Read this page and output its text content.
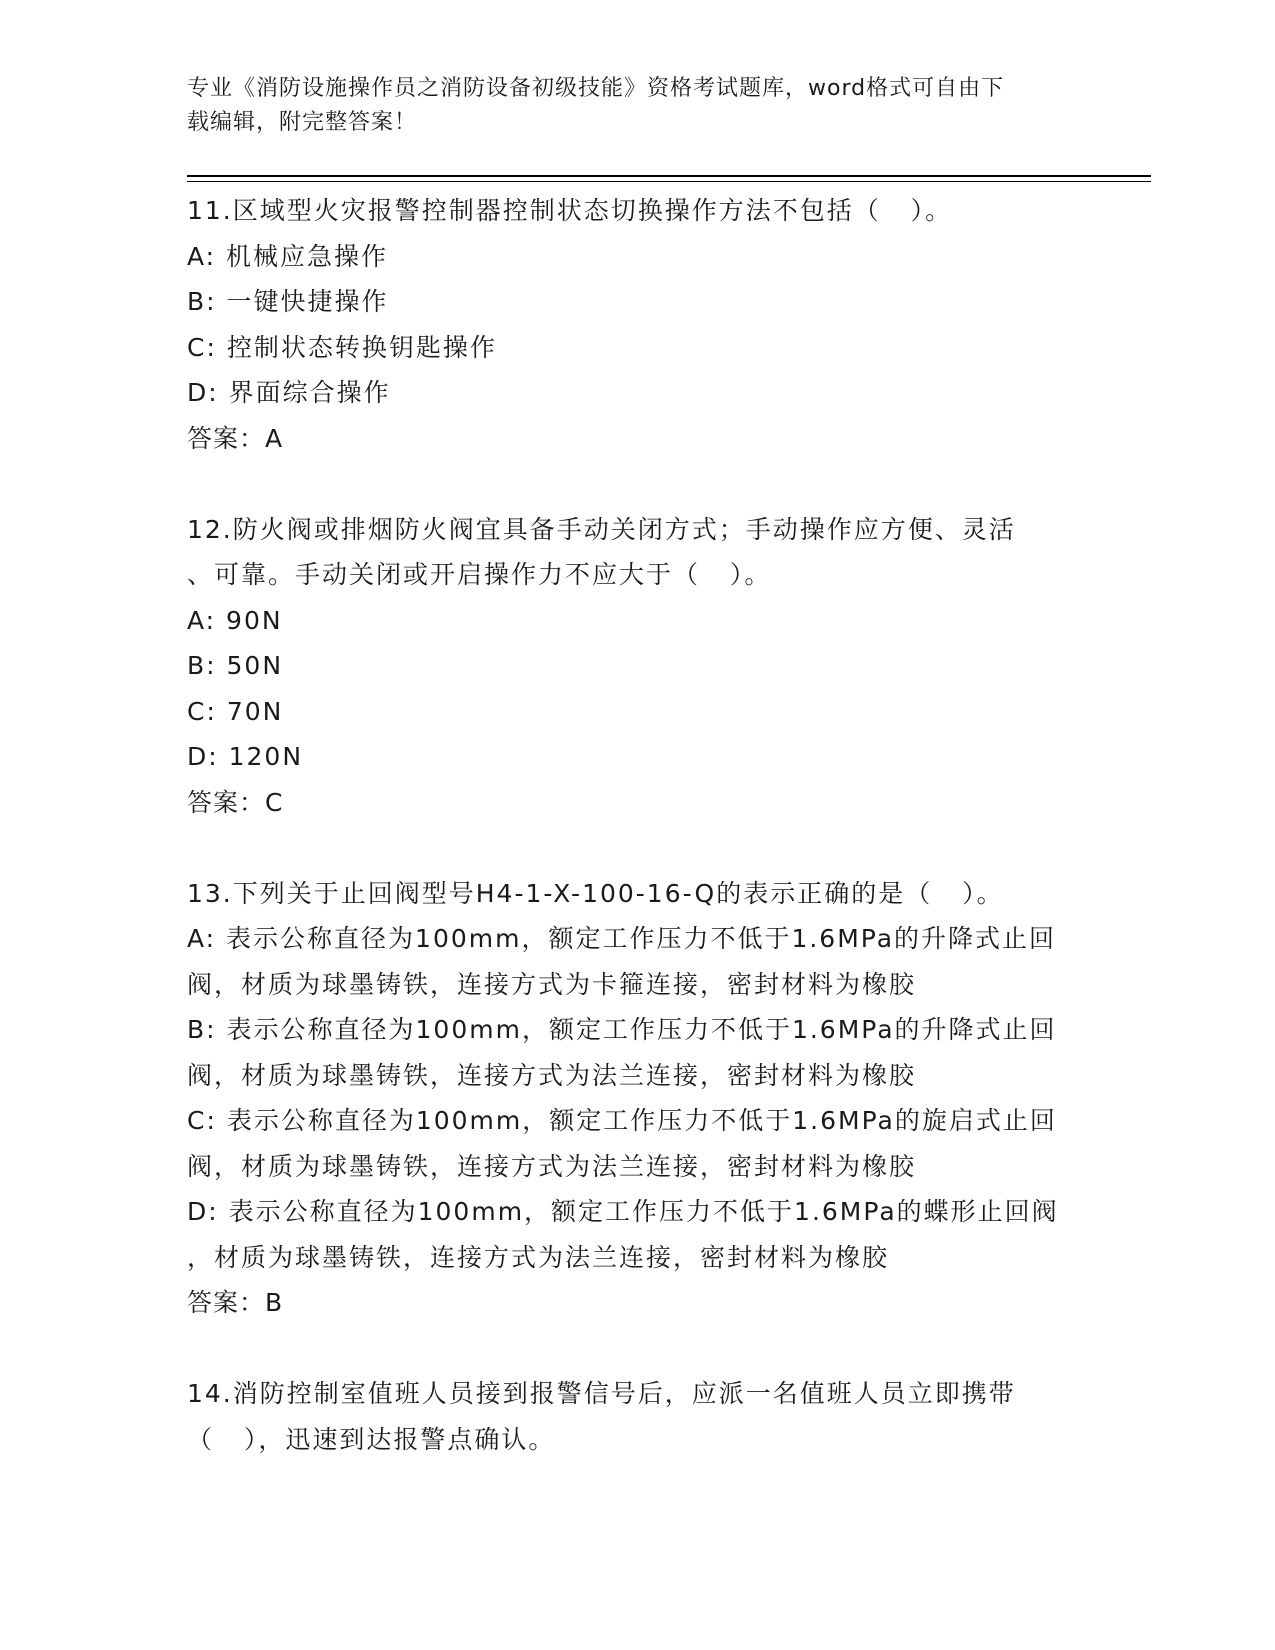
专业《消防设施操作员之消防设备初级技能》资格考试题库，word格式可自由下
载编辑，附完整答案！
11.区域型火灾报警控制器控制状态切换操作方法不包括（   ）。
A: 机械应急操作
B: 一键快捷操作
C: 控制状态转换钥匙操作
D: 界面综合操作
答案：A
12.防火阀或排烟防火阀宜具备手动关闭方式；手动操作应方便、灵活
、可靠。手动关闭或开启操作力不应大于（   ）。
A: 90N
B: 50N
C: 70N
D: 120N
答案：C
13.下列关于止回阀型号H4-1-X-100-16-Q的表示正确的是（   ）。
A: 表示公称直径为100mm，额定工作压力不低于1.6MPa的升降式止回
阀，材质为球墨铸铁，连接方式为卡箍连接，密封材料为橡胶
B: 表示公称直径为100mm，额定工作压力不低于1.6MPa的升降式止回
阀，材质为球墨铸铁，连接方式为法兰连接，密封材料为橡胶
C: 表示公称直径为100mm，额定工作压力不低于1.6MPa的旋启式止回
阀，材质为球墨铸铁，连接方式为法兰连接，密封材料为橡胶
D: 表示公称直径为100mm，额定工作压力不低于1.6MPa的蝶形止回阀
，材质为球墨铸铁，连接方式为法兰连接，密封材料为橡胶
答案：B
14.消防控制室值班人员接到报警信号后，应派一名值班人员立即携带
（   ），迅速到达报警点确认。
